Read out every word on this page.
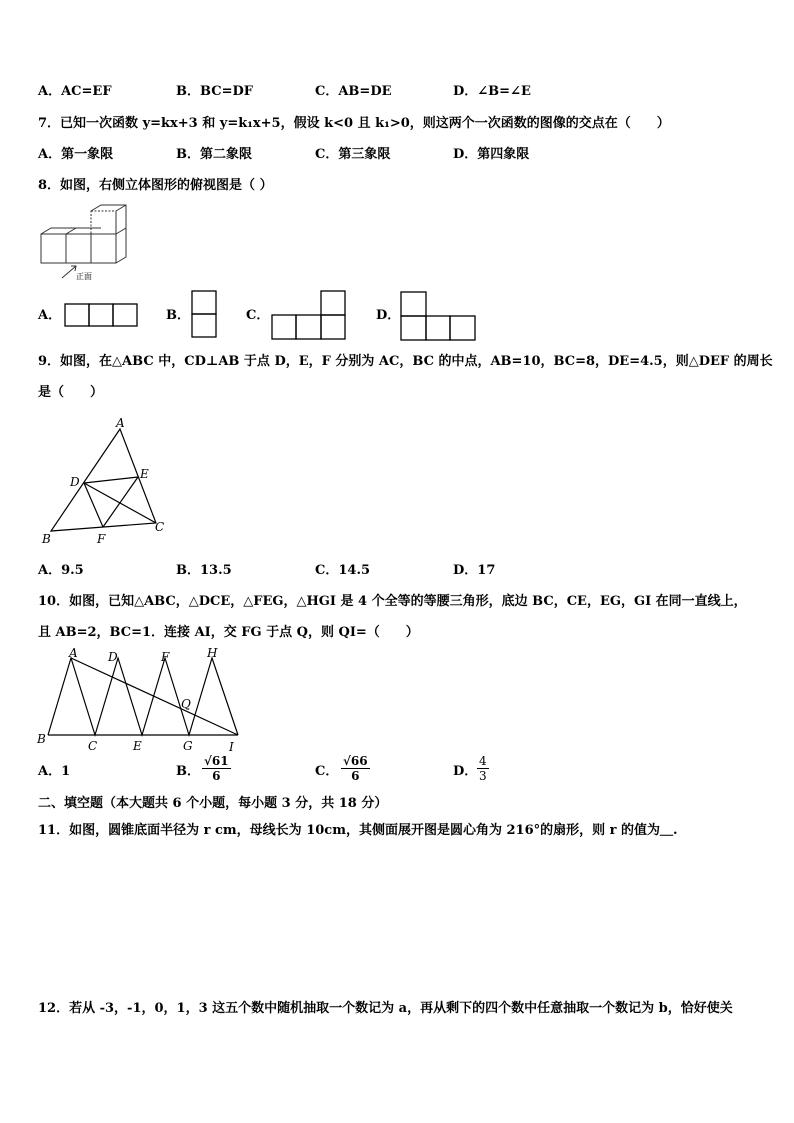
A．AC=EF	B．BC=DF	C．AB=DE	D．∠B=∠E
7．已知一次函数 y=kx+3 和 y=k₁x+5，假设 k<0 且 k₁>0，则这两个一次函数的图像的交点在（　　）
A．第一象限	B．第二象限	C．第三象限	D．第四象限
8．如图，右侧立体图形的俯视图是（ ）
正面
A．	B．	C．	D．
9．如图，在△ABC 中，CD⊥AB 于点 D，E，F 分别为 AC，BC 的中点，AB=10，BC=8，DE=4.5，则△DEF 的周长
是（　　）
A
B
C
D
E
F
A．9.5	B．13.5	C．14.5	D．17
10．如图，已知△ABC，△DCE，△FEG，△HGI 是 4 个全等的等腰三角形，底边 BC，CE，EG，GI 在同一直线上，
且 AB=2，BC=1．连接 AI，交 FG 于点 Q，则 QI=（　　）
A
B	C
D
E
F
G
H
I
Q
A．1	B． $\frac{√61}{6}$	C． $\frac{√66}{6}$	D． $\frac{4}{3}$
二、填空题（本大题共 6 个小题，每小题 3 分，共 18 分）
11．如图，圆锥底面半径为 r cm，母线长为 10cm，其侧面展开图是圆心角为 216°的扇形，则 r 的值为＿.
12．若从 -3，-1，0，1，3 这五个数中随机抽取一个数记为 a，再从剩下的四个数中任意抽取一个数记为 b，恰好使关
